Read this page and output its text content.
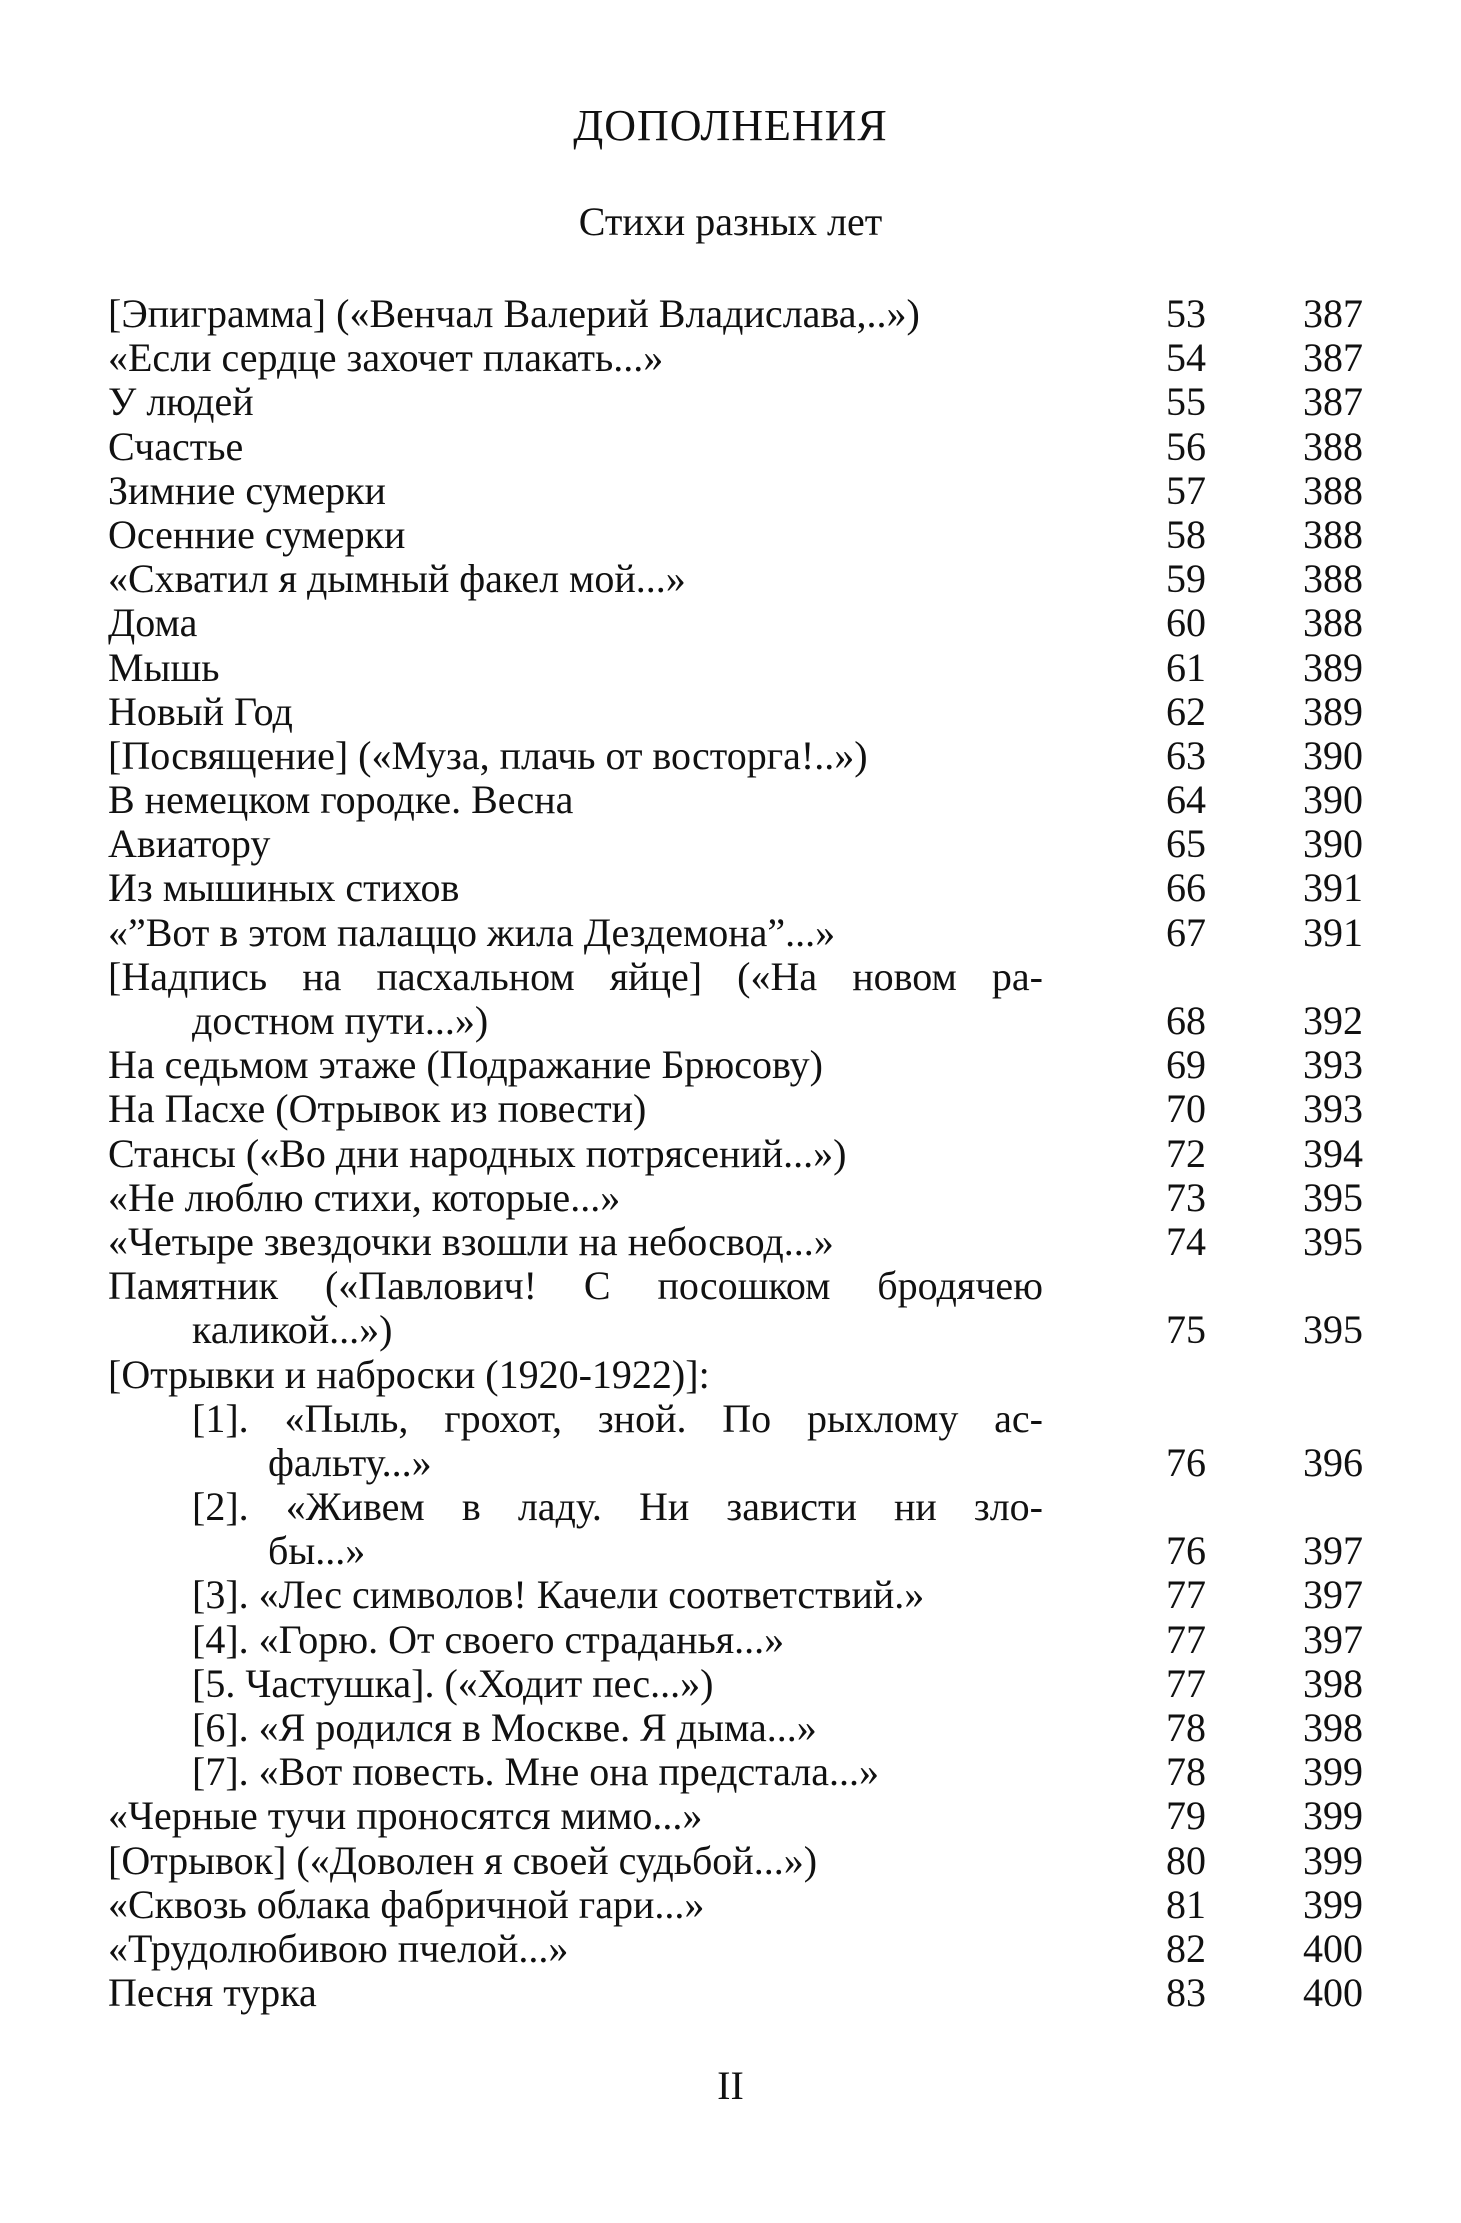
ДОПОЛНЕНИЯ
Стихи разных лет
[Эпиграмма] («Венчал Валерий Владислава,..»)	53	387
«Если сердце захочет плакать...»	54	387
У людей	55	387
Счастье	56	388
Зимние сумерки	57	388
Осенние сумерки	58	388
«Схватил я дымный факел мой...»	59	388
Дома	60	388
Мышь	61	389
Новый Год	62	389
[Посвящение] («Муза, плачь от восторга!..»)	63	390
В немецком городке. Весна	64	390
Авиатору	65	390
Из мышиных стихов	66	391
«”Вот в этом палаццо жила Дездемона”...»	67	391
[Надпись на пасхальном яйце] («На новом ра-
достном пути...»)	68	392
На седьмом этаже (Подражание Брюсову)	69	393
На Пасхе (Отрывок из повести)	70	393
Стансы («Во дни народных потрясений...»)	72	394
«Не люблю стихи, которые...»	73	395
«Четыре звездочки взошли на небосвод...»	74	395
Памятник («Павлович! С посошком бродячею
каликой...»)	75	395
[Отрывки и наброски (1920-1922)]:
[1]. «Пыль, грохот, зной. По рыхлому ас-
фальту...»	76	396
[2]. «Живем в ладу. Ни зависти ни зло-
бы...»	76	397
[3]. «Лес символов! Качели соответствий.»	77	397
[4]. «Горю. От своего страданья...»	77	397
[5. Частушка]. («Ходит пес...»)	77	398
[6]. «Я родился в Москве. Я дыма...»	78	398
[7]. «Вот повесть. Мне она предстала...»	78	399
«Черные тучи проносятся мимо...»	79	399
[Отрывок] («Доволен я своей судьбой...»)	80	399
«Сквозь облака фабричной гари...»	81	399
«Трудолюбивою пчелой...»	82	400
Песня турка	83	400
II
